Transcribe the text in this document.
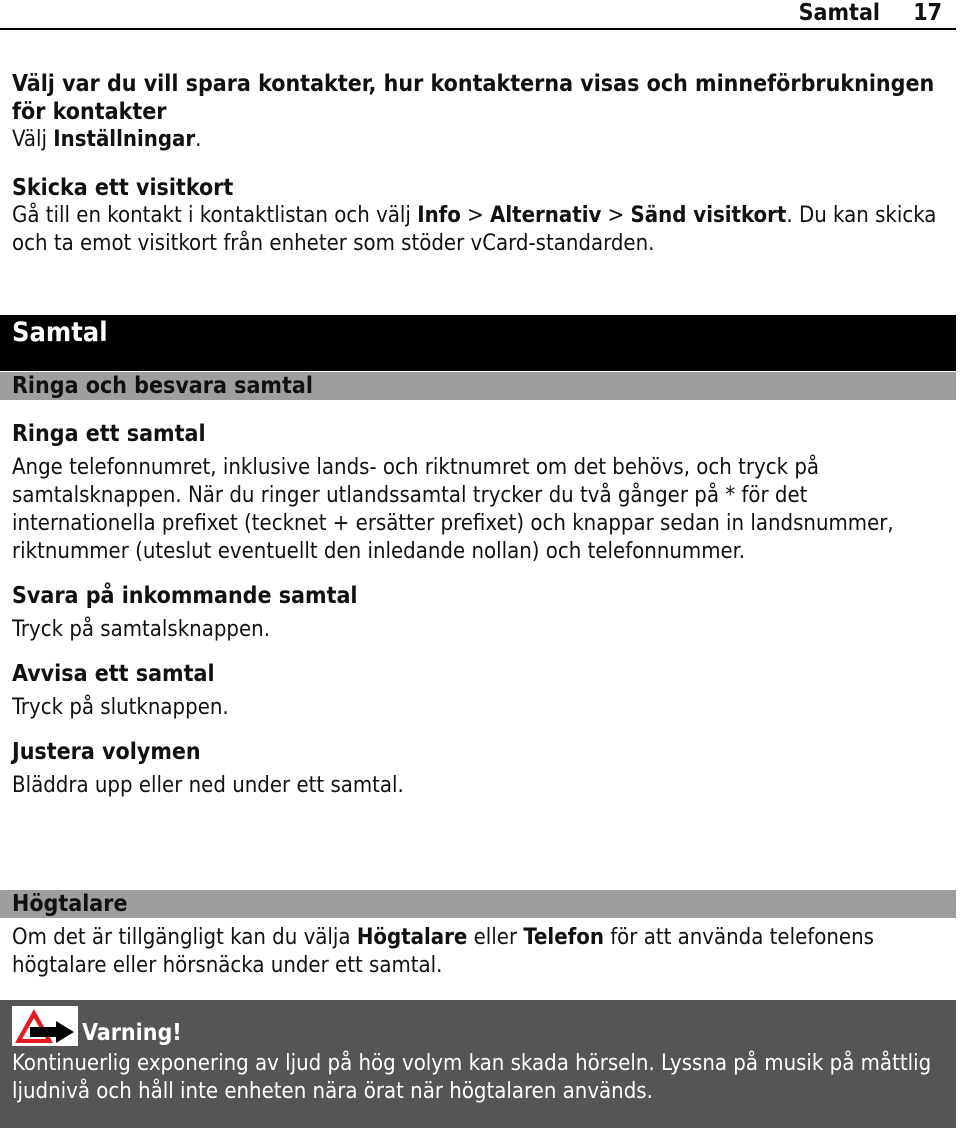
Samtal 17
Välj var du vill spara kontakter, hur kontakterna visas och minneförbrukningen för kontakter
Välj Inställningar.
Skicka ett visitkort
Gå till en kontakt i kontaktlistan och välj Info > Alternativ > Sänd visitkort. Du kan skicka och ta emot visitkort från enheter som stöder vCard-standarden.
Samtal
Ringa och besvara samtal
Ringa ett samtal
Ange telefonnumret, inklusive lands- och riktnumret om det behövs, och tryck på samtalsknappen. När du ringer utlandssamtal trycker du två gånger på * för det internationella prefixet (tecknet + ersätter prefixet) och knappar sedan in landsnummer, riktnummer (uteslut eventuellt den inledande nollan) och telefonnummer.
Svara på inkommande samtal
Tryck på samtalsknappen.
Avvisa ett samtal
Tryck på slutknappen.
Justera volymen
Bläddra upp eller ned under ett samtal.
Högtalare
Om det är tillgängligt kan du välja Högtalare eller Telefon för att använda telefonens högtalare eller hörsnäcka under ett samtal.
Varning!
Kontinuerlig exponering av ljud på hög volym kan skada hörseln. Lyssna på musik på måttlig ljudnivå och håll inte enheten nära örat när högtalaren används.
